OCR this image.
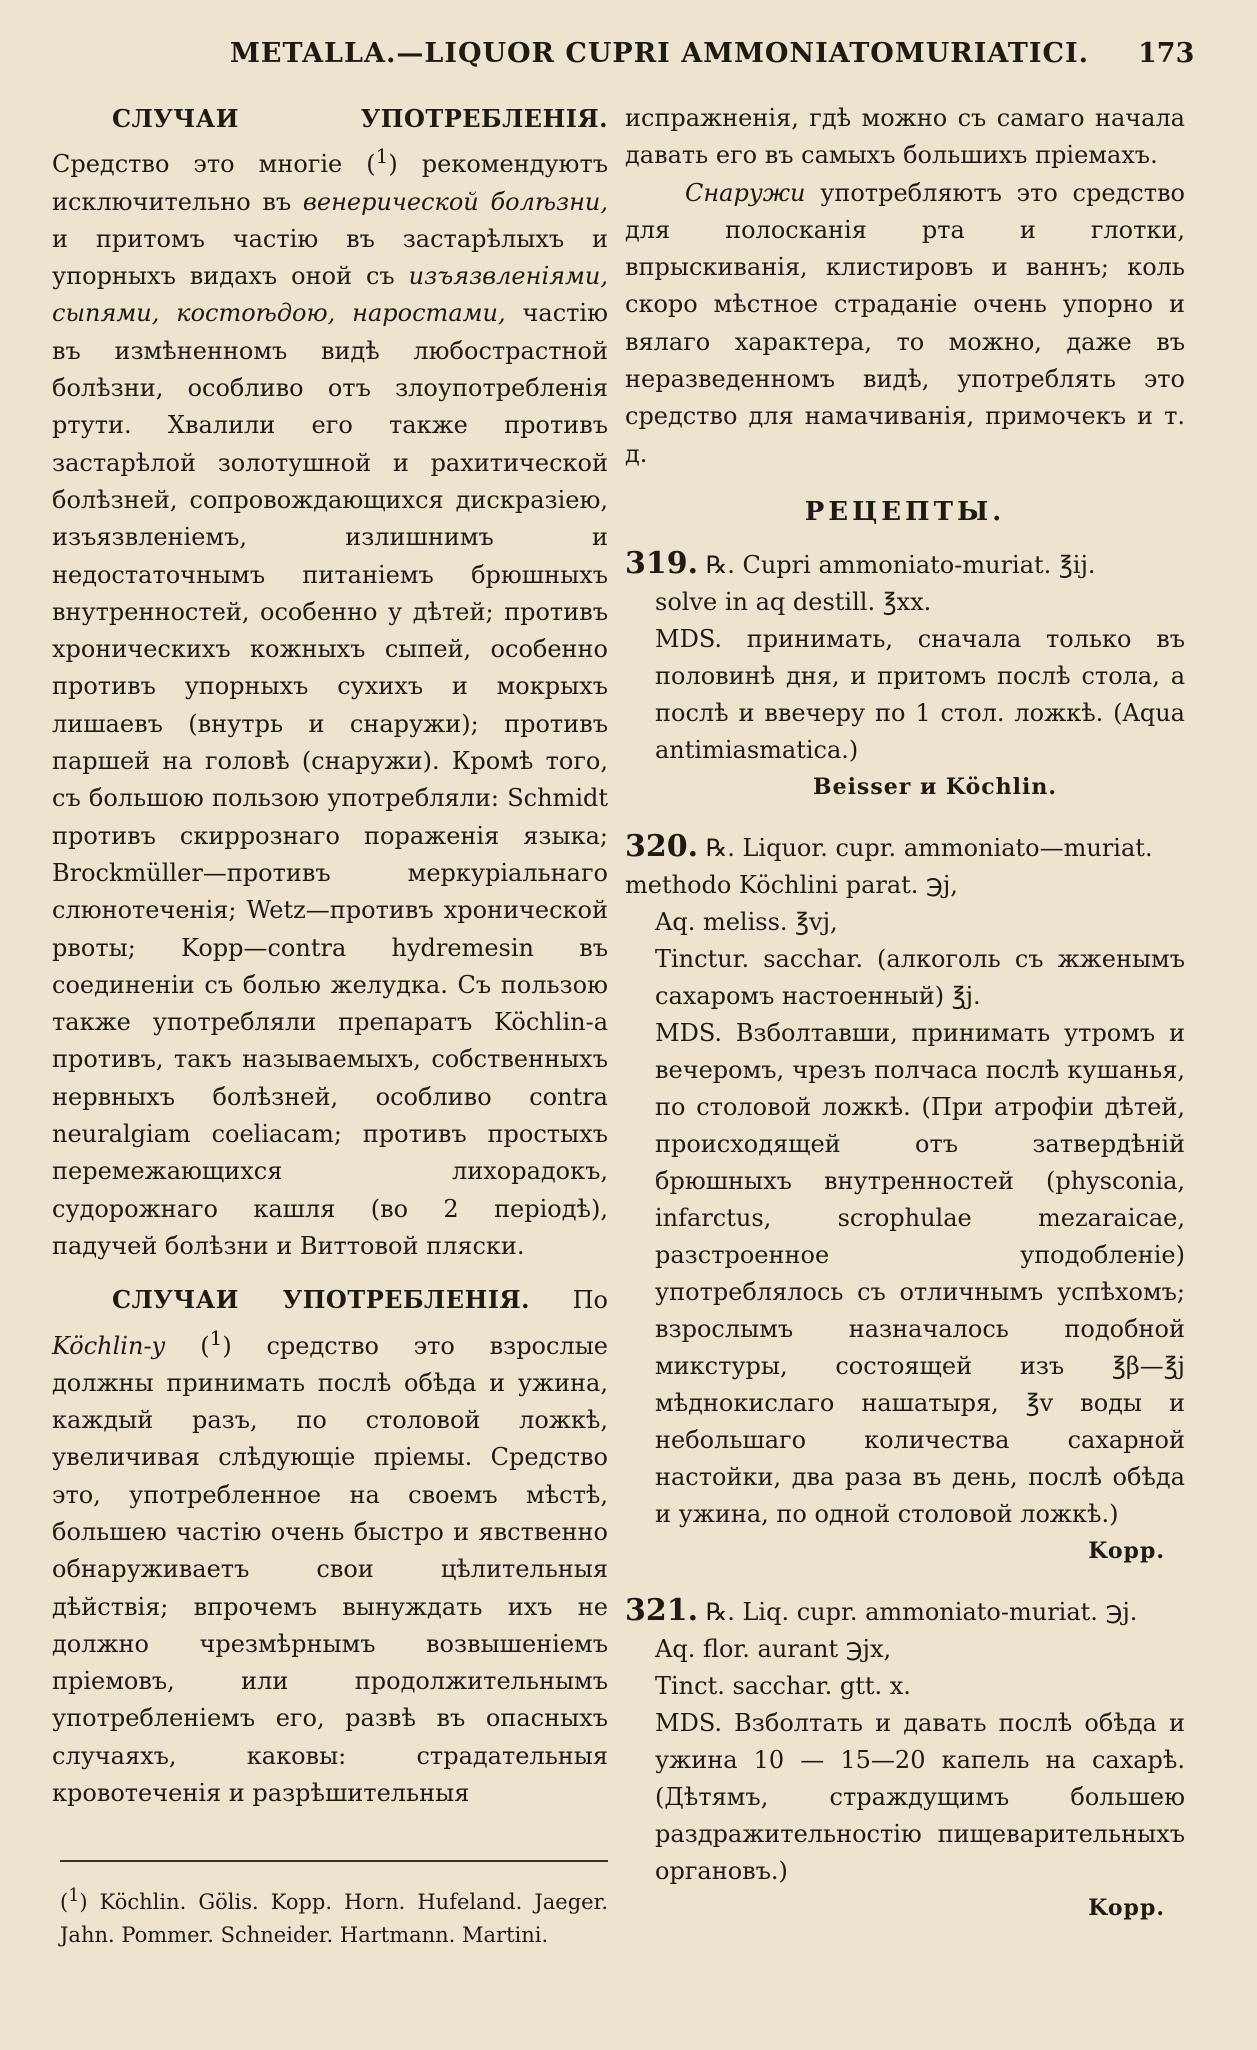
METALLA.—LIQUOR CUPRI AMMONIATOMURIATICI. 173

СЛУЧАИ УПОТРЕБЛЕНІЯ. Средство это многіе ($^1$) рекомендуютъ исключительно въ венерической болѣзни, и притомъ частію въ застарѣлыхъ и упорныхъ видахъ оной съ изъязвленіями, сыпями, костоѣдою, наростами, частію въ измѣненномъ видѣ любострастной болѣзни, особливо отъ злоупотребленія ртути. Хвалили его также противъ застарѣлой золотушной и рахитической болѣзней, сопровождающихся дискразіею, изъязвленіемъ, излишнимъ и недостаточнымъ питаніемъ брюшныхъ внутренностей, особенно у дѣтей; противъ хроническихъ кожныхъ сыпей, особенно противъ упорныхъ сухихъ и мокрыхъ лишаевъ (внутрь и снаружи); противъ паршей на головѣ (снаружи). Кромѣ того, съ большою пользою употребляли: Schmidt противъ скиррознаго пораженія языка; Brockmüller—противъ меркуріальнаго слюнотеченія; Wetz—противъ хронической рвоты; Kopp—contra hydremesin въ соединеніи съ болью желудка. Съ пользою также употребляли препаратъ Köchlin-а противъ, такъ называемыхъ, собственныхъ нервныхъ болѣзней, особливо contra neuralgiam coeliacam; противъ простыхъ перемежающихся лихорадокъ, судорожнаго кашля (во 2 періодѣ), падучей болѣзни и Виттовой пляски.

СЛУЧАИ УПОТРЕБЛЕНІЯ. По Köchlin-у ($^1$) средство это взрослые должны принимать послѣ обѣда и ужина, каждый разъ, по столовой ложкѣ, увеличивая слѣдующіе пріемы. Средство это, употребленное на своемъ мѣстѣ, большею частію очень быстро и явственно обнаруживаетъ свои цѣлительныя дѣйствія; впрочемъ вынуждать ихъ не должно чрезмѣрнымъ возвышеніемъ пріемовъ, или продолжительнымъ употребленіемъ его, развѣ въ опасныхъ случаяхъ, каковы: страдательныя кровотеченія и разрѣшительныя

($^1$) Köchlin. Gölis. Kopp. Horn. Hufeland. Jaeger. Jahn. Pommer. Schneider. Hartmann. Martini.

испражненія, гдѣ можно съ самаго начала давать его въ самыхъ большихъ пріемахъ.

Снаружи употребляютъ это средство для полосканія рта и глотки, впрыскиванія, клистировъ и ваннъ; коль скоро мѣстное страданіе очень упорно и вялаго характера, то можно, даже въ неразведенномъ видѣ, употреблять это средство для намачиванія, примочекъ и т. д.

РЕЦЕПТЫ.
319. ℞. Cupri ammoniato-muriat. ℥ij.
solve in aq destill. ℥xx.
MDS. принимать, сначала только въ половинѣ дня, и притомъ послѣ стола, а послѣ и ввечеру по 1 стол. ложкѣ. (Aqua antimiasmatica.)
Beisser и Köchlin.
320. ℞. Liquor. cupr. ammoniato—muriat. methodo Köchlini parat. ℈j,
Aq. meliss. ℥vj,
Tinctur. sacchar. (алкоголь съ жженымъ сахаромъ настоенный) ℥j.
MDS. Взболтавши, принимать утромъ и вечеромъ, чрезъ полчаса послѣ кушанья, по столовой ложкѣ. (При атрофіи дѣтей, происходящей отъ затвердѣній брюшныхъ внутренностей (physconia, infarctus, scrophulae mezaraicae, разстроенное уподобленіе) употреблялось съ отличнымъ успѣхомъ; взрослымъ назначалось подобной микстуры, состоящей изъ ℥β—℥j мѣднокислаго нашатыря, ℥v воды и небольшаго количества сахарной настойки, два раза въ день, послѣ обѣда и ужина, по одной столовой ложкѣ.)
Kopp.
321. ℞. Liq. cupr. ammoniato-muriat. ℈j.
Aq. flor. aurant ℈jx,
Tinct. sacchar. gtt. x.
MDS. Взболтать и давать послѣ обѣда и ужина 10 — 15—20 капель на сахарѣ. (Дѣтямъ, страждущимъ большею раздражительностію пищеварительныхъ органовъ.)
Kopp.
